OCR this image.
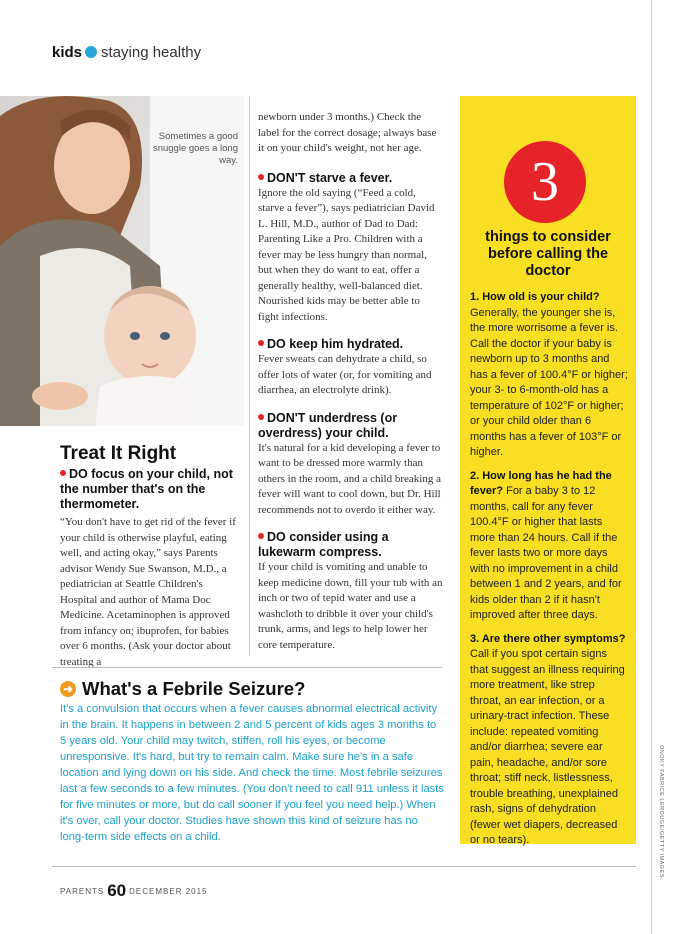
kids staying healthy
Sometimes a good snuggle goes a long way.
Treat It Right
DO focus on your child, not the number that's on the thermometer.
“You don't have to get rid of the fever if your child is otherwise playful, eating well, and acting okay,” says Parents advisor Wendy Sue Swanson, M.D., a pediatrician at Seattle Children's Hospital and author of Mama Doc Medicine. Acetaminophen is approved from infancy on; ibuprofen, for babies over 6 months. (Ask your doctor about treating a
newborn under 3 months.) Check the label for the correct dosage; always base it on your child's weight, not her age.
DON'T starve a fever.
Ignore the old saying (“Feed a cold, starve a fever”), says pediatrician David L. Hill, M.D., author of Dad to Dad: Parenting Like a Pro. Children with a fever may be less hungry than normal, but when they do want to eat, offer a generally healthy, well-balanced diet. Nourished kids may be better able to fight infections.
DO keep him hydrated.
Fever sweats can dehydrate a child, so offer lots of water (or, for vomiting and diarrhea, an electrolyte drink).
DON'T underdress (or overdress) your child.
It's natural for a kid developing a fever to want to be dressed more warmly than others in the room, and a child breaking a fever will want to cool down, but Dr. Hill recommends not to overdo it either way.
DO consider using a lukewarm compress.
If your child is vomiting and unable to keep medicine down, fill your tub with an inch or two of tepid water and use a washcloth to dribble it over your child's trunk, arms, and legs to help lower her core temperature.
3
things to consider before calling the doctor

1. How old is your child? Generally, the younger she is, the more worrisome a fever is. Call the doctor if your baby is newborn up to 3 months and has a fever of 100.4°F or higher; your 3- to 6-month-old has a temperature of 102°F or higher; or your child older than 6 months has a fever of 103°F or higher.

2. How long has he had the fever? For a baby 3 to 12 months, call for any fever 100.4°F or higher that lasts more than 24 hours. Call if the fever lasts two or more days with no improvement in a child between 1 and 2 years, and for kids older than 2 if it hasn't improved after three days.

3. Are there other symptoms? Call if you spot certain signs that suggest an illness requiring more treatment, like strep throat, an ear infection, or a urinary-tract infection. These include: repeated vomiting and/or diarrhea; severe ear pain, headache, and/or sore throat; stiff neck, listlessness, trouble breathing, unexplained rash, signs of dehydration (fewer wet diapers, decreased or no tears).

➜ What's a Febrile Seizure?
It's a convulsion that occurs when a fever causes abnormal electrical activity in the brain. It happens in between 2 and 5 percent of kids ages 3 months to 5 years old. Your child may twitch, stiffen, roll his eyes, or become unresponsive. It's hard, but try to remain calm. Make sure he's in a safe location and lying down on his side. And check the time. Most febrile seizures last a few seconds to a few minutes. (You don't need to call 911 unless it lasts for five minutes or more, but do call sooner if you feel you need help.) When it's over, call your doctor. Studies have shown this kind of seizure has no long-term side effects on a child.
PARENTS 60 DECEMBER 2015
ONOKY FABRICE LEROUGE/GETTY IMAGES.
